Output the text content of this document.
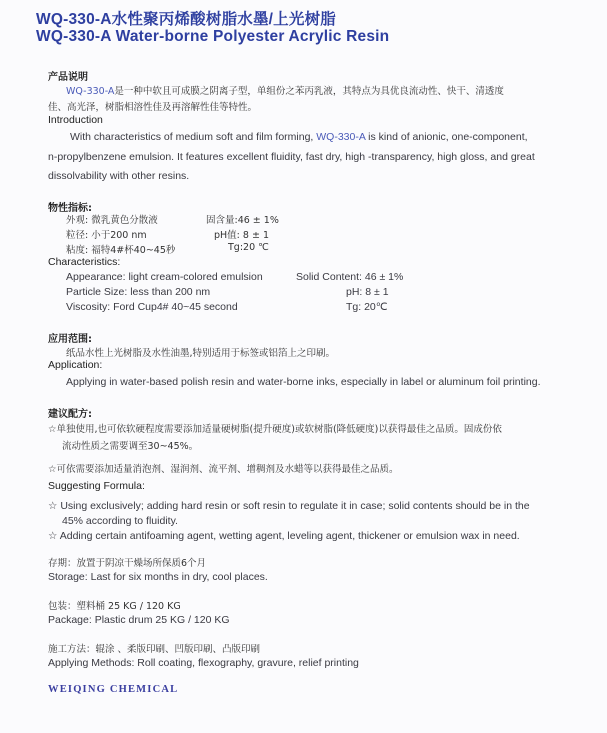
WQ-330-A水性聚丙烯酸树脂水墨/上光树脂
WQ-330-A Water-borne Polyester Acrylic Resin
产品说明
WQ-330-A是一种中软且可成膜之阴离子型，单组份之苯丙乳液，其特点为具优良流动性、快干、清透度
佳、高光泽，树脂相溶性佳及再溶解性佳等特性。
Introduction
With characteristics of medium soft and film forming, WQ-330-A is kind of anionic, one-component,
n-propylbenzene emulsion. It features excellent fluidity, fast dry, high -transparency, high gloss, and great
dissolvability with other resins.
物性指标:
外观: 微乳黄色分散液	固含量:46 ± 1%
粒径: 小于200 nm	pH值: 8 ± 1
粘度: 福特4#杯40~45秒	Tg:20 ℃
Characteristics:
Appearance: light cream-colored emulsion	Solid Content: 46 ± 1%
Particle Size: less than 200 nm	pH: 8 ± 1
Viscosity: Ford Cup4# 40~45 second	Tg: 20℃
应用范围:
纸品水性上光树脂及水性油墨,特别适用于标签或铝箔上之印刷。
Application:
Applying in water-based polish resin and water-borne inks, especially in label or aluminum foil printing.
建议配方:
☆单独使用,也可依软硬程度需要添加适量硬树脂(提升硬度)或软树脂(降低硬度)以获得最佳之品质。固成份依
流动性质之需要调至30~45%。
☆可依需要添加适量消泡剂、湿润剂、流平剂、增稠剂及水蜡等以获得最佳之品质。
Suggesting Formula:
☆ Using exclusively; adding hard resin or soft resin to regulate it in case; solid contents should be in the
45% according to fluidity.
☆ Adding certain antifoaming agent, wetting agent, leveling agent, thickener or emulsion wax in need.
存期：放置于阴凉干燥场所保质6个月
Storage: Last for six months in dry, cool places.
包装：塑料桶 25 KG / 120 KG
Package: Plastic drum 25 KG / 120 KG
施工方法：辊涂 、柔版印刷、凹版印刷、凸版印刷
Applying Methods: Roll coating, flexography, gravure, relief printing
WEIQING CHEMICAL
